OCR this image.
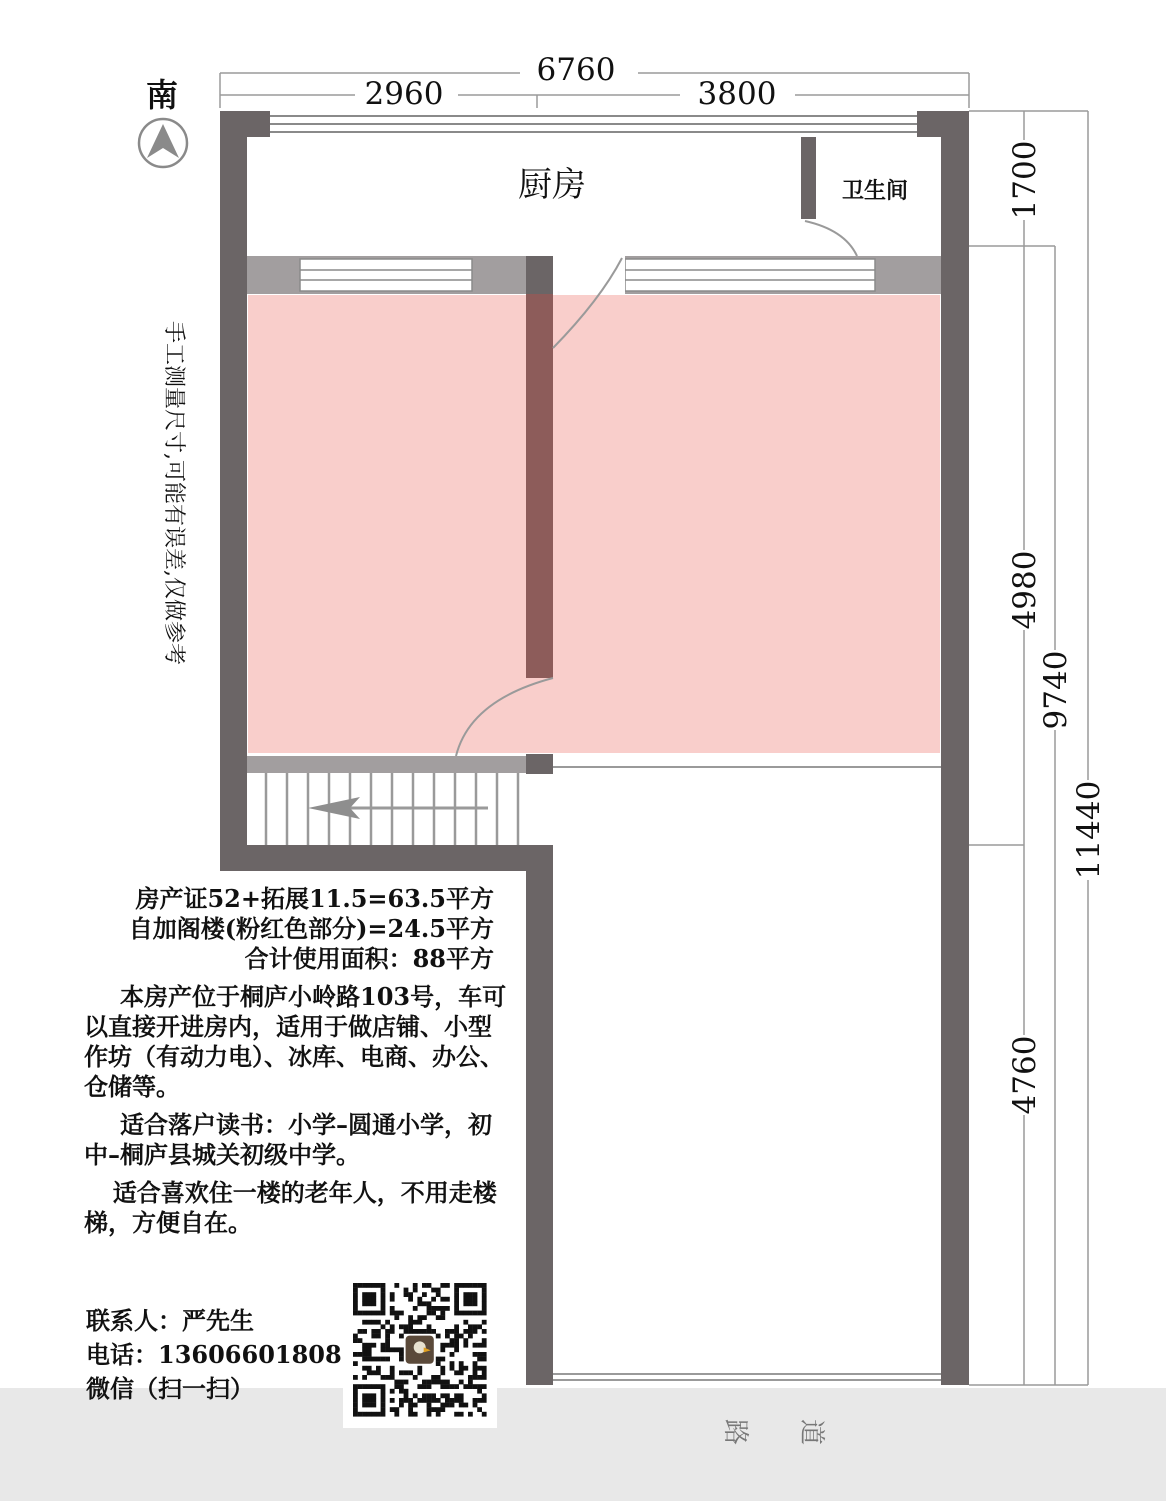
6760
2960	3800
1700
4980
4760
9740
11440
厨房	卫生间
南
路 道
手工测量尺寸,可能有误差,仅做参考
房产证52+拓展11.5=63.5平方
自加阁楼(粉红色部分)=24.5平方
合计使用面积：88平方

本房产位于桐庐小岭路103号，车可以直接开进房内，适用于做店铺、小型作坊（有动力电）、冰库、电商、办公、仓储等。

适合落户读书：小学–圆通小学，初中–桐庐县城关初级中学。

适合喜欢住一楼的老年人，不用走楼梯，方便自在。

联系人：严先生
电话：13606601808
微信（扫一扫）
